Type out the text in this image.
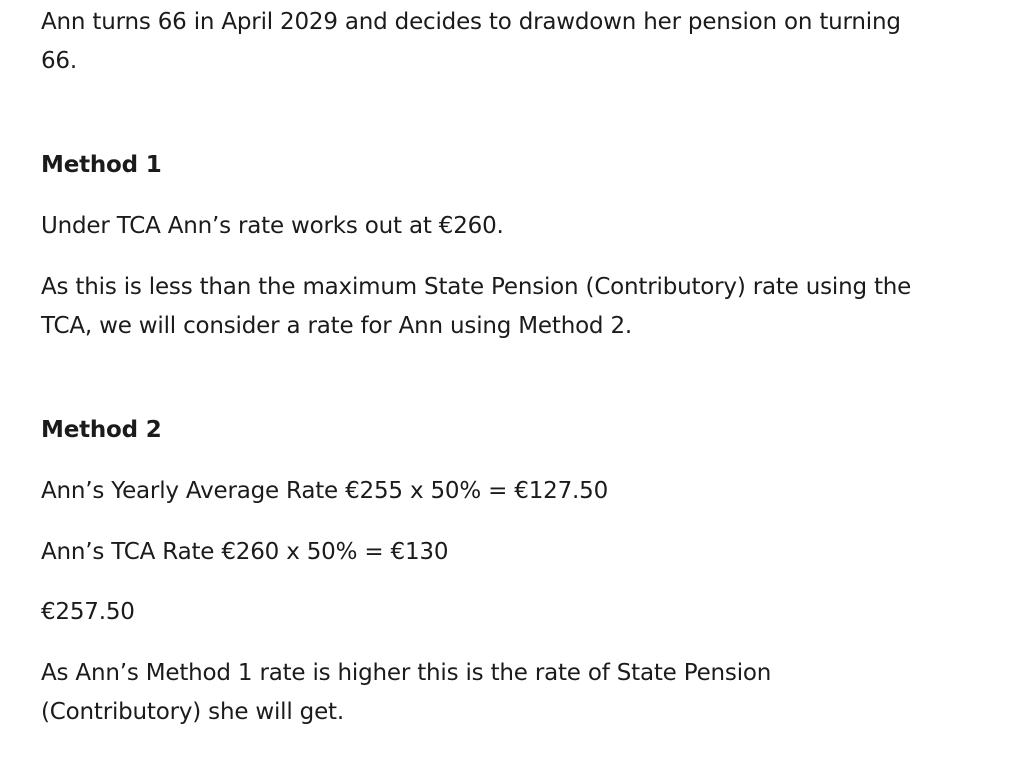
Ann turns 66 in April 2029 and decides to drawdown her pension on turning
66.

Method 1

Under TCA Ann’s rate works out at €260.

As this is less than the maximum State Pension (Contributory) rate using the
TCA, we will consider a rate for Ann using Method 2.

Method 2

Ann’s Yearly Average Rate €255 x 50% = €127.50

Ann’s TCA Rate €260 x 50% = €130

€257.50

As Ann’s Method 1 rate is higher this is the rate of State Pension
(Contributory) she will get.
